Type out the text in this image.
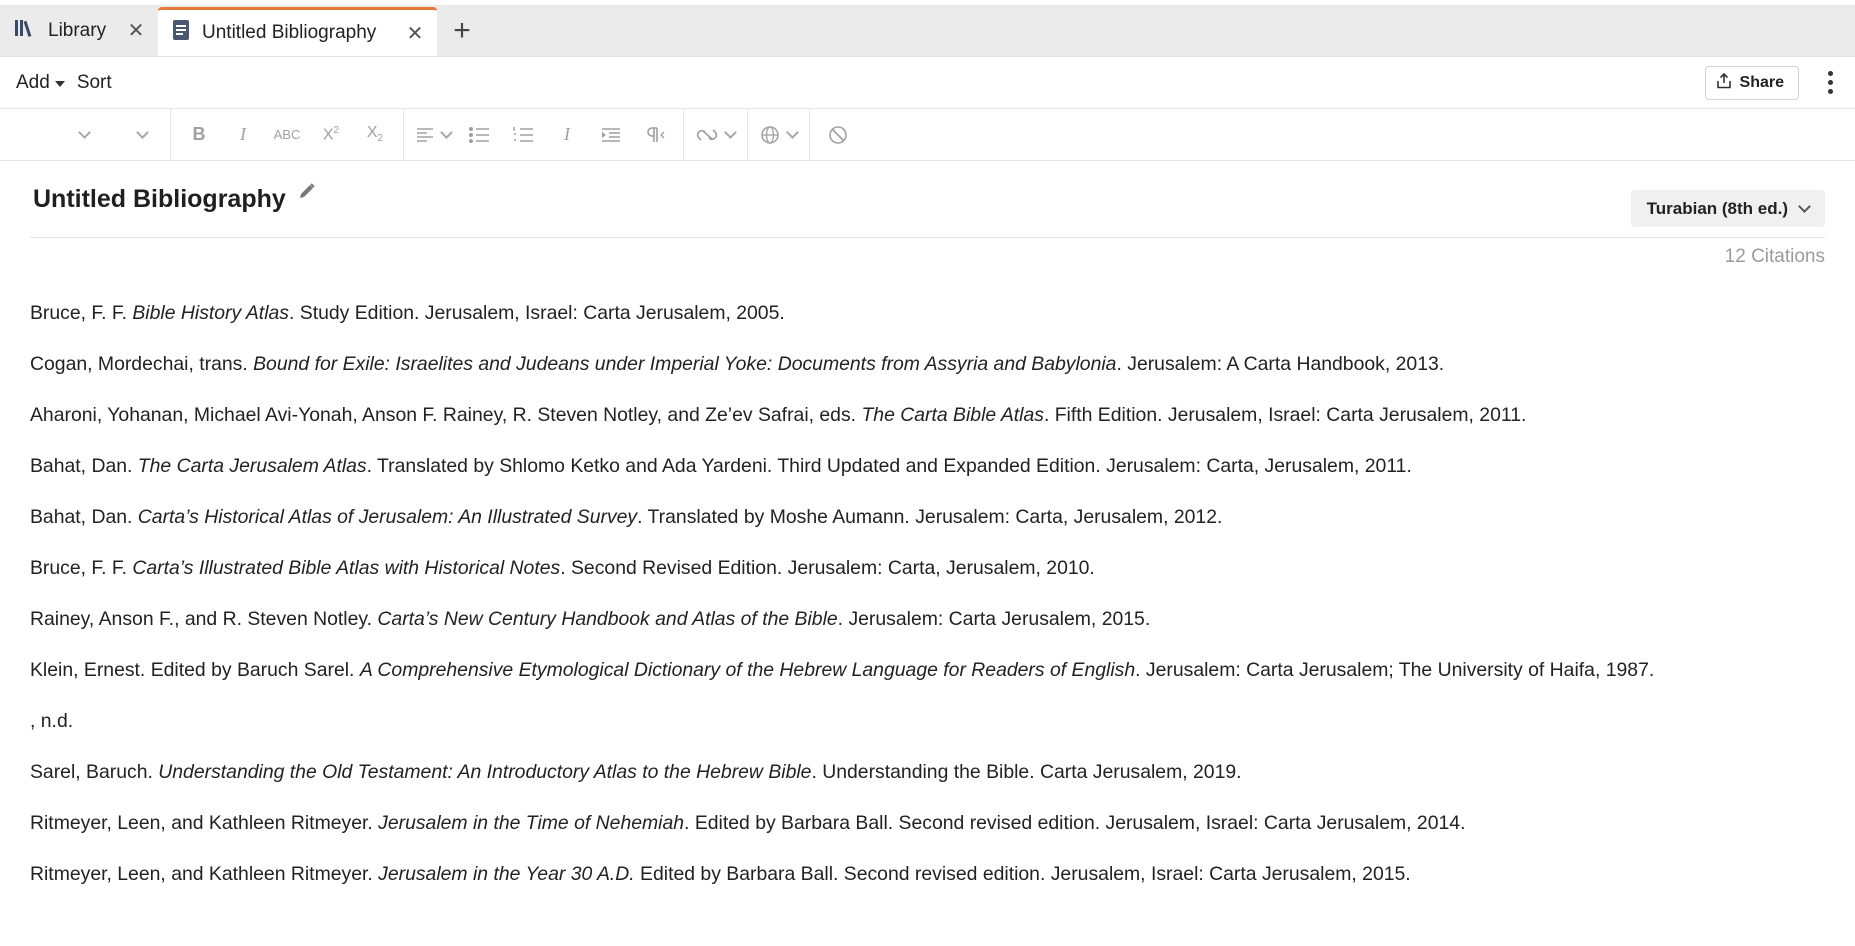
Library	✕	Untitled Bibliography	✕ +
Add Sort	Share
B	I	ABC $X^2$ $X_2$	I
Untitled Bibliography	Turabian (8th ed.)
12 Citations
Bruce, F. F. Bible History Atlas. Study Edition. Jerusalem, Israel: Carta Jerusalem, 2005.
Cogan, Mordechai, trans. Bound for Exile: Israelites and Judeans under Imperial Yoke: Documents from Assyria and Babylonia. Jerusalem: A Carta Handbook, 2013.
Aharoni, Yohanan, Michael Avi-Yonah, Anson F. Rainey, R. Steven Notley, and Ze’ev Safrai, eds. The Carta Bible Atlas. Fifth Edition. Jerusalem, Israel: Carta Jerusalem, 2011.
Bahat, Dan. The Carta Jerusalem Atlas. Translated by Shlomo Ketko and Ada Yardeni. Third Updated and Expanded Edition. Jerusalem: Carta, Jerusalem, 2011.
Bahat, Dan. Carta’s Historical Atlas of Jerusalem: An Illustrated Survey. Translated by Moshe Aumann. Jerusalem: Carta, Jerusalem, 2012.
Bruce, F. F. Carta’s Illustrated Bible Atlas with Historical Notes. Second Revised Edition. Jerusalem: Carta, Jerusalem, 2010.
Rainey, Anson F., and R. Steven Notley. Carta’s New Century Handbook and Atlas of the Bible. Jerusalem: Carta Jerusalem, 2015.
Klein, Ernest. Edited by Baruch Sarel. A Comprehensive Etymological Dictionary of the Hebrew Language for Readers of English. Jerusalem: Carta Jerusalem; The University of Haifa, 1987.
, n.d.
Sarel, Baruch. Understanding the Old Testament: An Introductory Atlas to the Hebrew Bible. Understanding the Bible. Carta Jerusalem, 2019.
Ritmeyer, Leen, and Kathleen Ritmeyer. Jerusalem in the Time of Nehemiah. Edited by Barbara Ball. Second revised edition. Jerusalem, Israel: Carta Jerusalem, 2014.
Ritmeyer, Leen, and Kathleen Ritmeyer. Jerusalem in the Year 30 A.D. Edited by Barbara Ball. Second revised edition. Jerusalem, Israel: Carta Jerusalem, 2015.
